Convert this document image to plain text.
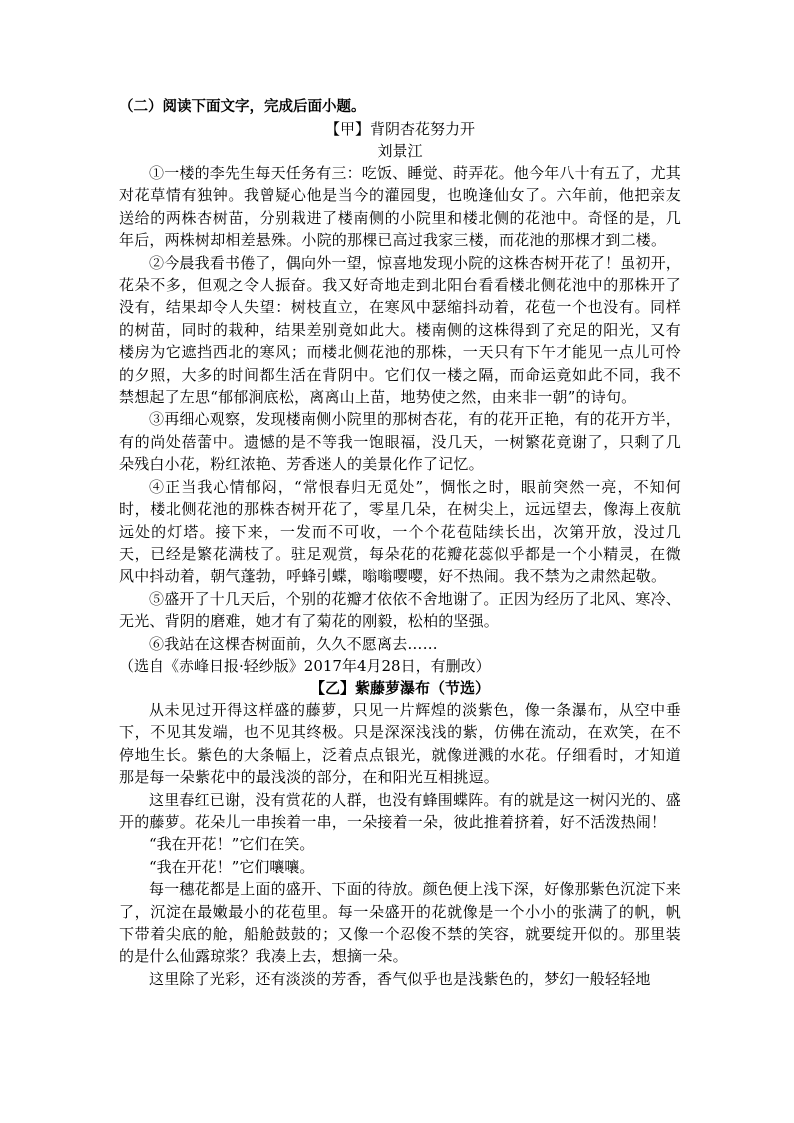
（二）阅读下面文字，完成后面小题。
【甲】背阴杏花努力开
刘景江

①一楼的李先生每天任务有三：吃饭、睡觉、莳弄花。他今年八十有五了，尤其对花草情有独钟。我曾疑心他是当今的灌园叟，也晚逢仙女了。六年前，他把亲友送给的两株杏树苗，分别栽进了楼南侧的小院里和楼北侧的花池中。奇怪的是，几年后，两株树却相差悬殊。小院的那棵已高过我家三楼，而花池的那棵才到二楼。

②今晨我看书倦了，偶向外一望，惊喜地发现小院的这株杏树开花了！虽初开，花朵不多，但观之令人振奋。我又好奇地走到北阳台看看楼北侧花池中的那株开了没有，结果却令人失望：树枝直立，在寒风中瑟缩抖动着，花苞一个也没有。同样的树苗，同时的栽种，结果差别竟如此大。楼南侧的这株得到了充足的阳光，又有楼房为它遮挡西北的寒风；而楼北侧花池的那株，一天只有下午才能见一点儿可怜的夕照，大多的时间都生活在背阴中。它们仅一楼之隔，而命运竟如此不同，我不禁想起了左思“郁郁涧底松，离离山上苗，地势使之然，由来非一朝”的诗句。

③再细心观察，发现楼南侧小院里的那树杏花，有的花开正艳，有的花开方半，有的尚处蓓蕾中。遗憾的是不等我一饱眼福，没几天，一树繁花竟谢了，只剩了几朵残白小花，粉红浓艳、芳香迷人的美景化作了记忆。

④正当我心情郁闷，“常恨春归无觅处”，惆怅之时，眼前突然一亮，不知何时，楼北侧花池的那株杏树开花了，零星几朵，在树尖上，远远望去，像海上夜航远处的灯塔。接下来，一发而不可收，一个个花苞陆续长出，次第开放，没过几天，已经是繁花满枝了。驻足观赏，每朵花的花瓣花蕊似乎都是一个小精灵，在微风中抖动着，朝气蓬勃，呼蜂引蝶，嗡嗡嘤嘤，好不热闹。我不禁为之肃然起敬。

⑤盛开了十几天后，个别的花瓣才依依不舍地谢了。正因为经历了北风、寒冷、无光、背阴的磨难，她才有了菊花的刚毅，松柏的坚强。

⑥我站在这棵杏树面前，久久不愿离去……

（选自《赤峰日报·轻纱版》2017年4月28日，有删改）

【乙】紫藤萝瀑布（节选）

从未见过开得这样盛的藤萝，只见一片辉煌的淡紫色，像一条瀑布，从空中垂下，不见其发端，也不见其终极。只是深深浅浅的紫，仿佛在流动，在欢笑，在不停地生长。紫色的大条幅上，泛着点点银光，就像迸溅的水花。仔细看时，才知道那是每一朵紫花中的最浅淡的部分，在和阳光互相挑逗。

这里春红已谢，没有赏花的人群，也没有蜂围蝶阵。有的就是这一树闪光的、盛开的藤萝。花朵儿一串挨着一串，一朵接着一朵，彼此推着挤着，好不活泼热闹！

“我在开花！”它们在笑。

“我在开花！”它们嚷嚷。

每一穗花都是上面的盛开、下面的待放。颜色便上浅下深，好像那紫色沉淀下来了，沉淀在最嫩最小的花苞里。每一朵盛开的花就像是一个小小的张满了的帆，帆下带着尖底的舱，船舱鼓鼓的；又像一个忍俊不禁的笑容，就要绽开似的。那里装的是什么仙露琼浆？我凑上去，想摘一朵。

这里除了光彩，还有淡淡的芳香，香气似乎也是浅紫色的，梦幻一般轻轻地
